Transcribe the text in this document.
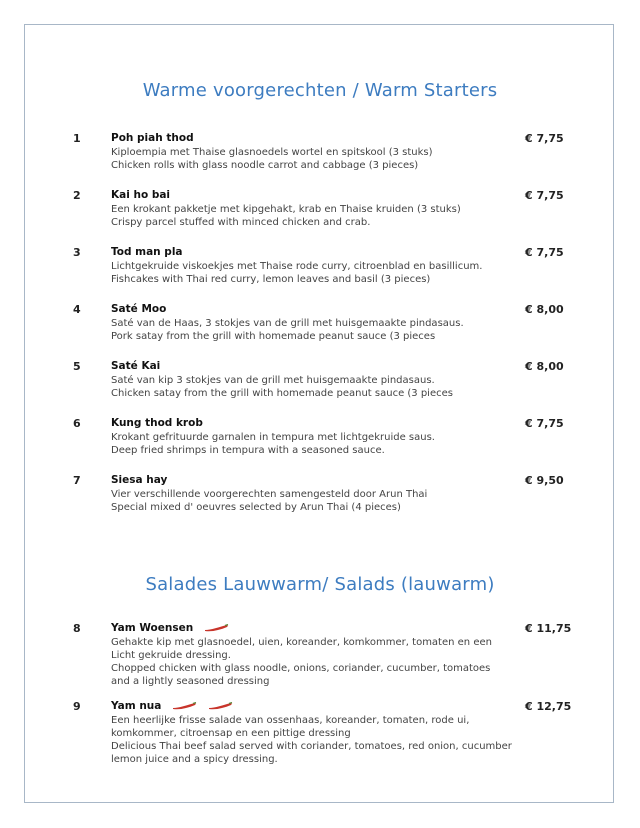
Warme voorgerechten / Warm Starters
1	Poh piah thod
Kiploempia met Thaise glasnoedels wortel en spitskool (3 stuks)
Chicken rolls with glass noodle carrot and cabbage (3 pieces)
€ 7,75
2	Kai ho bai
Een krokant pakketje met kipgehakt, krab en Thaise kruiden (3 stuks)
Crispy parcel stuffed with minced chicken and crab.
€ 7,75
3	Tod man pla
Lichtgekruide viskoekjes met Thaise rode curry, citroenblad en basillicum.
Fishcakes with Thai red curry, lemon leaves and basil (3 pieces)
€ 7,75
4	Saté Moo
Saté van de Haas, 3 stokjes van de grill met huisgemaakte pindasaus.
Pork satay from the grill with homemade peanut sauce (3 pieces
€ 8,00
5	Saté Kai
Saté van kip 3 stokjes van de grill met huisgemaakte pindasaus.
Chicken satay from the grill with homemade peanut sauce (3 pieces
€ 8,00
6	Kung thod krob
Krokant gefrituurde garnalen in tempura met lichtgekruide saus.
Deep fried shrimps in tempura with a seasoned sauce.
€ 7,75
7	Siesa hay
Vier verschillende voorgerechten samengesteld door Arun Thai
Special mixed d' oeuvres selected by Arun Thai (4 pieces)
€ 9,50
Salades Lauwwarm/ Salads (lauwarm)
8	Yam Woensen
Gehakte kip met glasnoedel, uien, koreander, komkommer, tomaten en een
Licht gekruide dressing.
Chopped chicken with glass noodle, onions, coriander, cucumber, tomatoes
and a lightly seasoned dressing
€ 11,75
9	Yam nua
Een heerlijke frisse salade van ossenhaas, koreander, tomaten, rode ui,
komkommer, citroensap en een pittige dressing
Delicious Thai beef salad served with coriander, tomatoes, red onion, cucumber
lemon juice and a spicy dressing.
€ 12,75
